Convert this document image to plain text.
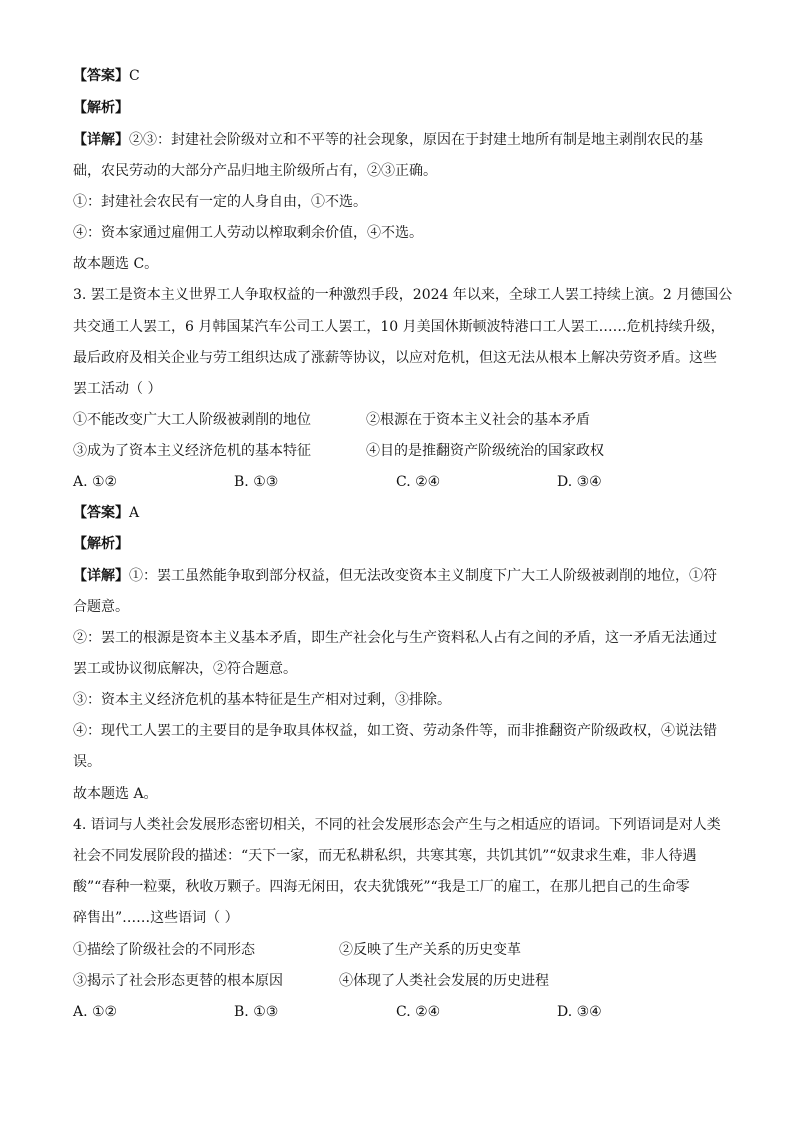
【答案】C
【解析】
【详解】②③：封建社会阶级对立和不平等的社会现象，原因在于封建土地所有制是地主剥削农民的基
础，农民劳动的大部分产品归地主阶级所占有，②③正确。
①：封建社会农民有一定的人身自由，①不选。
④：资本家通过雇佣工人劳动以榨取剩余价值，④不选。
故本题选 C。
3. 罢工是资本主义世界工人争取权益的一种激烈手段，2024 年以来，全球工人罢工持续上演。2 月德国公
共交通工人罢工，6 月韩国某汽车公司工人罢工，10 月美国休斯顿波特港口工人罢工……危机持续升级，
最后政府及相关企业与劳工组织达成了涨薪等协议，以应对危机，但这无法从根本上解决劳资矛盾。这些
罢工活动（ ）
①不能改变广大工人阶级被剥削的地位	②根源在于资本主义社会的基本矛盾
③成为了资本主义经济危机的基本特征	④目的是推翻资产阶级统治的国家政权
A. ①②	B. ①③	C. ②④	D. ③④
【答案】A
【解析】
【详解】①：罢工虽然能争取到部分权益，但无法改变资本主义制度下广大工人阶级被剥削的地位，①符
合题意。
②：罢工的根源是资本主义基本矛盾，即生产社会化与生产资料私人占有之间的矛盾，这一矛盾无法通过
罢工或协议彻底解决，②符合题意。
③：资本主义经济危机的基本特征是生产相对过剩，③排除。
④：现代工人罢工的主要目的是争取具体权益，如工资、劳动条件等，而非推翻资产阶级政权，④说法错
误。
故本题选 A。
4. 语词与人类社会发展形态密切相关，不同的社会发展形态会产生与之相适应的语词。下列语词是对人类
社会不同发展阶段的描述：“天下一家，而无私耕私织，共寒其寒，共饥其饥”“奴隶求生难，非人待遇
酸”“春种一粒粟，秋收万颗子。四海无闲田，农夫犹饿死”“我是工厂的雇工，在那儿把自己的生命零
碎售出”……这些语词（ ）
①描绘了阶级社会的不同形态	②反映了生产关系的历史变革
③揭示了社会形态更替的根本原因	④体现了人类社会发展的历史进程
A. ①②	B. ①③	C. ②④	D. ③④
